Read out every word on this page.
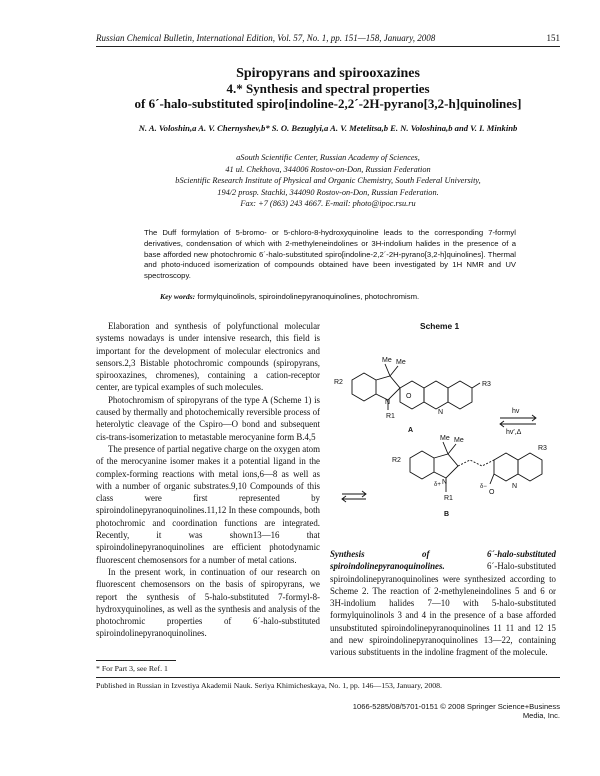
Russian Chemical Bulletin, International Edition, Vol. 57, No. 1, pp. 151—158, January, 2008	151
Spiropyrans and spirooxazines
4.* Synthesis and spectral properties
of 6´-halo-substituted spiro[indoline-2,2´-2H-pyrano[3,2-h]quinolines]
N. A. Voloshin,a A. V. Chernyshev,b* S. O. Bezuglyi,a A. V. Metelitsa,b E. N. Voloshina,b and V. I. Minkinb
aSouth Scientific Center, Russian Academy of Sciences,
41 ul. Chekhova, 344006 Rostov-on-Don, Russian Federation
bScientific Research Institute of Physical and Organic Chemistry, South Federal University,
194/2 prosp. Stachki, 344090 Rostov-on-Don, Russian Federation.
Fax: +7 (863) 243 4667. E-mail: photo@ipoc.rsu.ru
The Duff formylation of 5-bromo- or 5-chloro-8-hydroxyquinoline leads to the corresponding 7-formyl derivatives, condensation of which with 2-methyleneindolines or 3H-indolium halides in the presence of a base afforded new photochromic 6´-halo-substituted spiro[indoline-2,2´-2H-pyrano[3,2-h]quinolines]. Thermal and photo-induced isomerization of compounds obtained have been investigated by 1H NMR and UV spectroscopy.
Key words: formylquinolinols, spiroindolinepyranoquinolines, photochromism.

Elaboration and synthesis of polyfunctional molecular systems nowadays is under intensive research, this field is important for the development of molecular electronics and sensors.2,3 Bistable photochromic compounds (spiropyrans, spirooxazines, chromenes), containing a cation-receptor center, are typical examples of such molecules.

Photochromism of spiropyrans of the type A (Scheme 1) is caused by thermally and photochemically reversible process of heterolytic cleavage of the Cspiro—O bond and subsequent cis-trans-isomerization to metastable merocyanine form B.4,5

The presence of partial negative charge on the oxygen atom of the merocyanine isomer makes it a potential ligand in the complex-forming reactions with metal ions,6—8 as well as with a number of organic substrates.9,10 Compounds of this class were first represented by spiroindolinepyranoquinolines.11,12 In these compounds, both photochromic and coordination functions are integrated. Recently, it was shown13—16 that spiroindolinepyranoquinolines are efficient photodynamic fluorescent chemosensors for a number of metal cations.

In the present work, in continuation of our research on fluorescent chemosensors on the basis of spiropyrans, we report the synthesis of 5-halo-substituted 7-formyl-8-hydroxyquinolines, as well as the synthesis and analysis of the photochromic properties of 6´-halo-substituted spiroindolinepyranoquinolines.

Scheme 1
Me Me
R2
N
R1
O
N
R3
hv
hv′,Δ
A
Me Me
R2
N
δ+
R1
δ−
O
N
R3
B
Synthesis of 6´-halo-substituted spiroindolinepyranoquinolines.	6´-Halo-substituted spiroindolinepyranoquinolines were synthesized according to Scheme 2. The reaction of 2-methyleneindolines 5 and 6 or 3H-indolium halides 7—10 with 5-halo-substituted formylquinolinols 3 and 4 in the presence of a base afforded unsubstituted spiroindolinepyranoquinolines 11 11 and 12 15 and new spiroindolinepyranoquinolines 13—22, containing various substituents in the indoline fragment of the molecule.
* For Part 3, see Ref. 1
Published in Russian in Izvestiya Akademii Nauk. Seriya Khimicheskaya, No. 1, pp. 146—153, January, 2008.
1066-5285/08/5701-0151 © 2008 Springer Science+Business Media, Inc.
